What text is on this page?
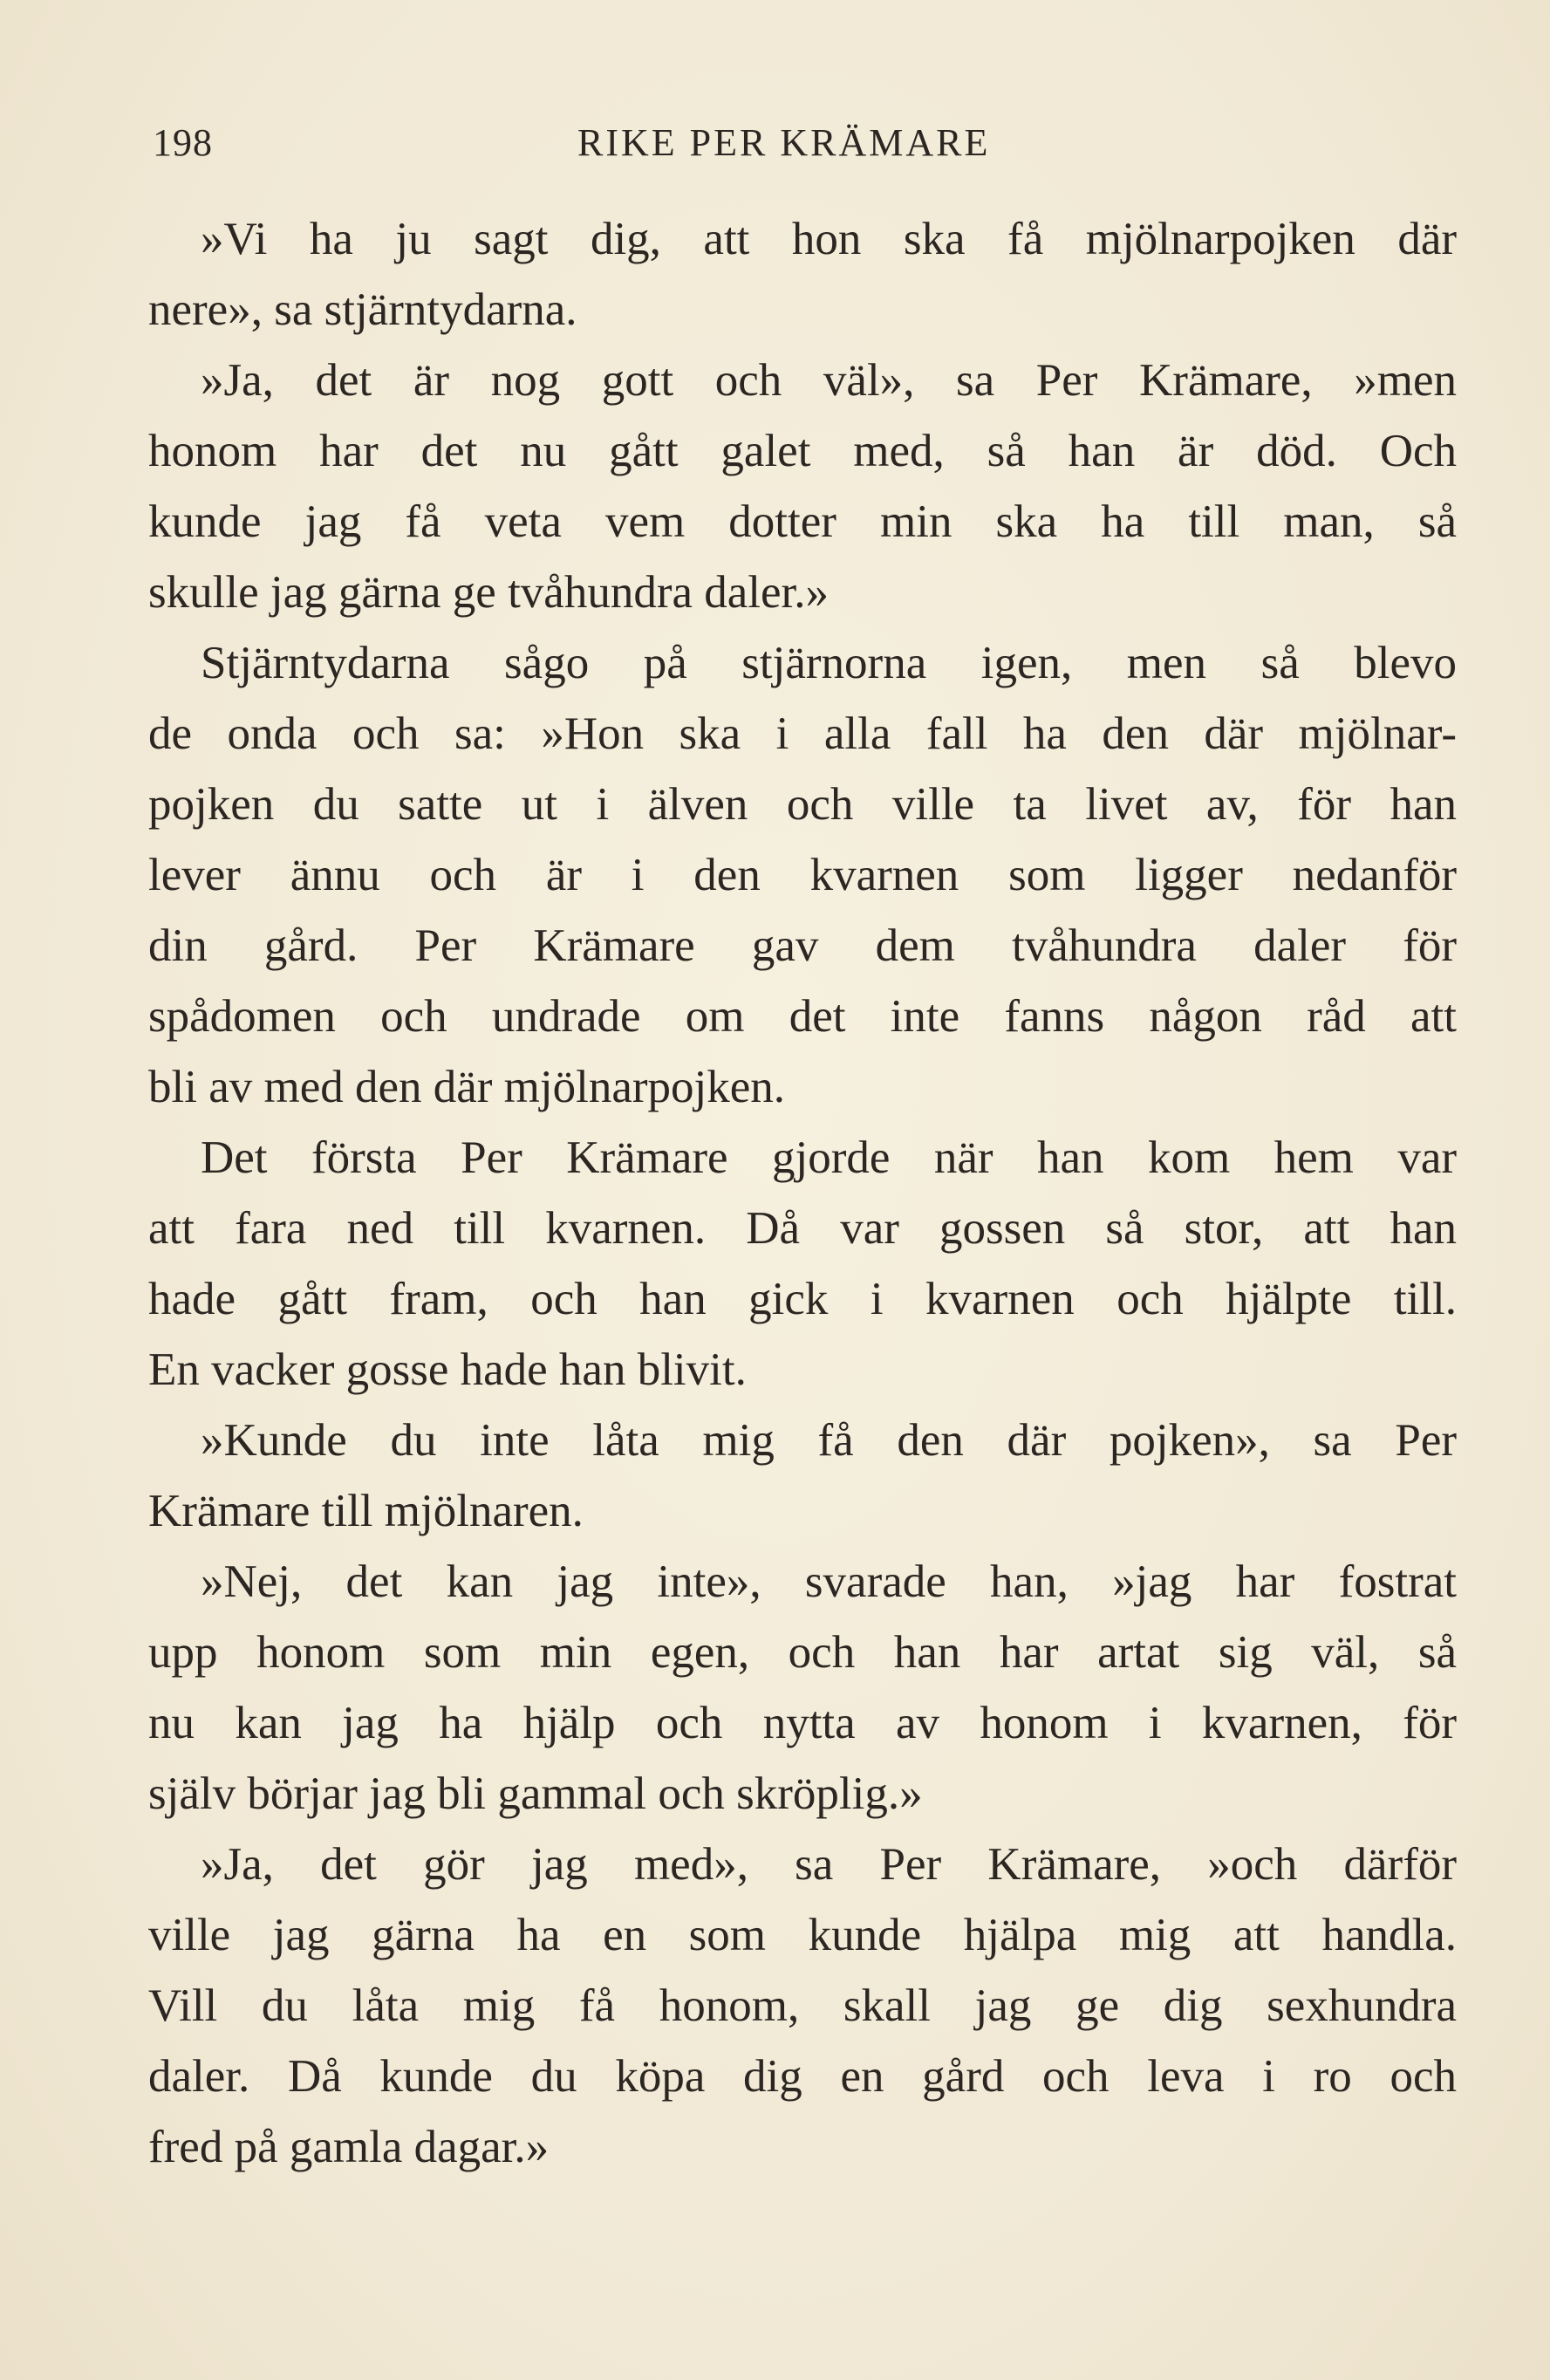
198	RIKE PER KRÄMARE
»Vi ha ju sagt dig, att hon ska få mjölnarpojken där
nere», sa stjärntydarna.
»Ja, det är nog gott och väl», sa Per Krämare, »men
honom har det nu gått galet med, så han är död. Och
kunde jag få veta vem dotter min ska ha till man, så
skulle jag gärna ge tvåhundra daler.»
Stjärntydarna sågo på stjärnorna igen, men så blevo
de onda och sa: »Hon ska i alla fall ha den där mjölnar-
pojken du satte ut i älven och ville ta livet av, för han
lever ännu och är i den kvarnen som ligger nedanför
din gård. Per Krämare gav dem tvåhundra daler för
spådomen och undrade om det inte fanns någon råd att
bli av med den där mjölnarpojken.
Det första Per Krämare gjorde när han kom hem var
att fara ned till kvarnen. Då var gossen så stor, att han
hade gått fram, och han gick i kvarnen och hjälpte till.
En vacker gosse hade han blivit.
»Kunde du inte låta mig få den där pojken», sa Per
Krämare till mjölnaren.
»Nej, det kan jag inte», svarade han, »jag har fostrat
upp honom som min egen, och han har artat sig väl, så
nu kan jag ha hjälp och nytta av honom i kvarnen, för
själv börjar jag bli gammal och skröplig.»
»Ja, det gör jag med», sa Per Krämare, »och därför
ville jag gärna ha en som kunde hjälpa mig att handla.
Vill du låta mig få honom, skall jag ge dig sexhundra
daler. Då kunde du köpa dig en gård och leva i ro och
fred på gamla dagar.»
